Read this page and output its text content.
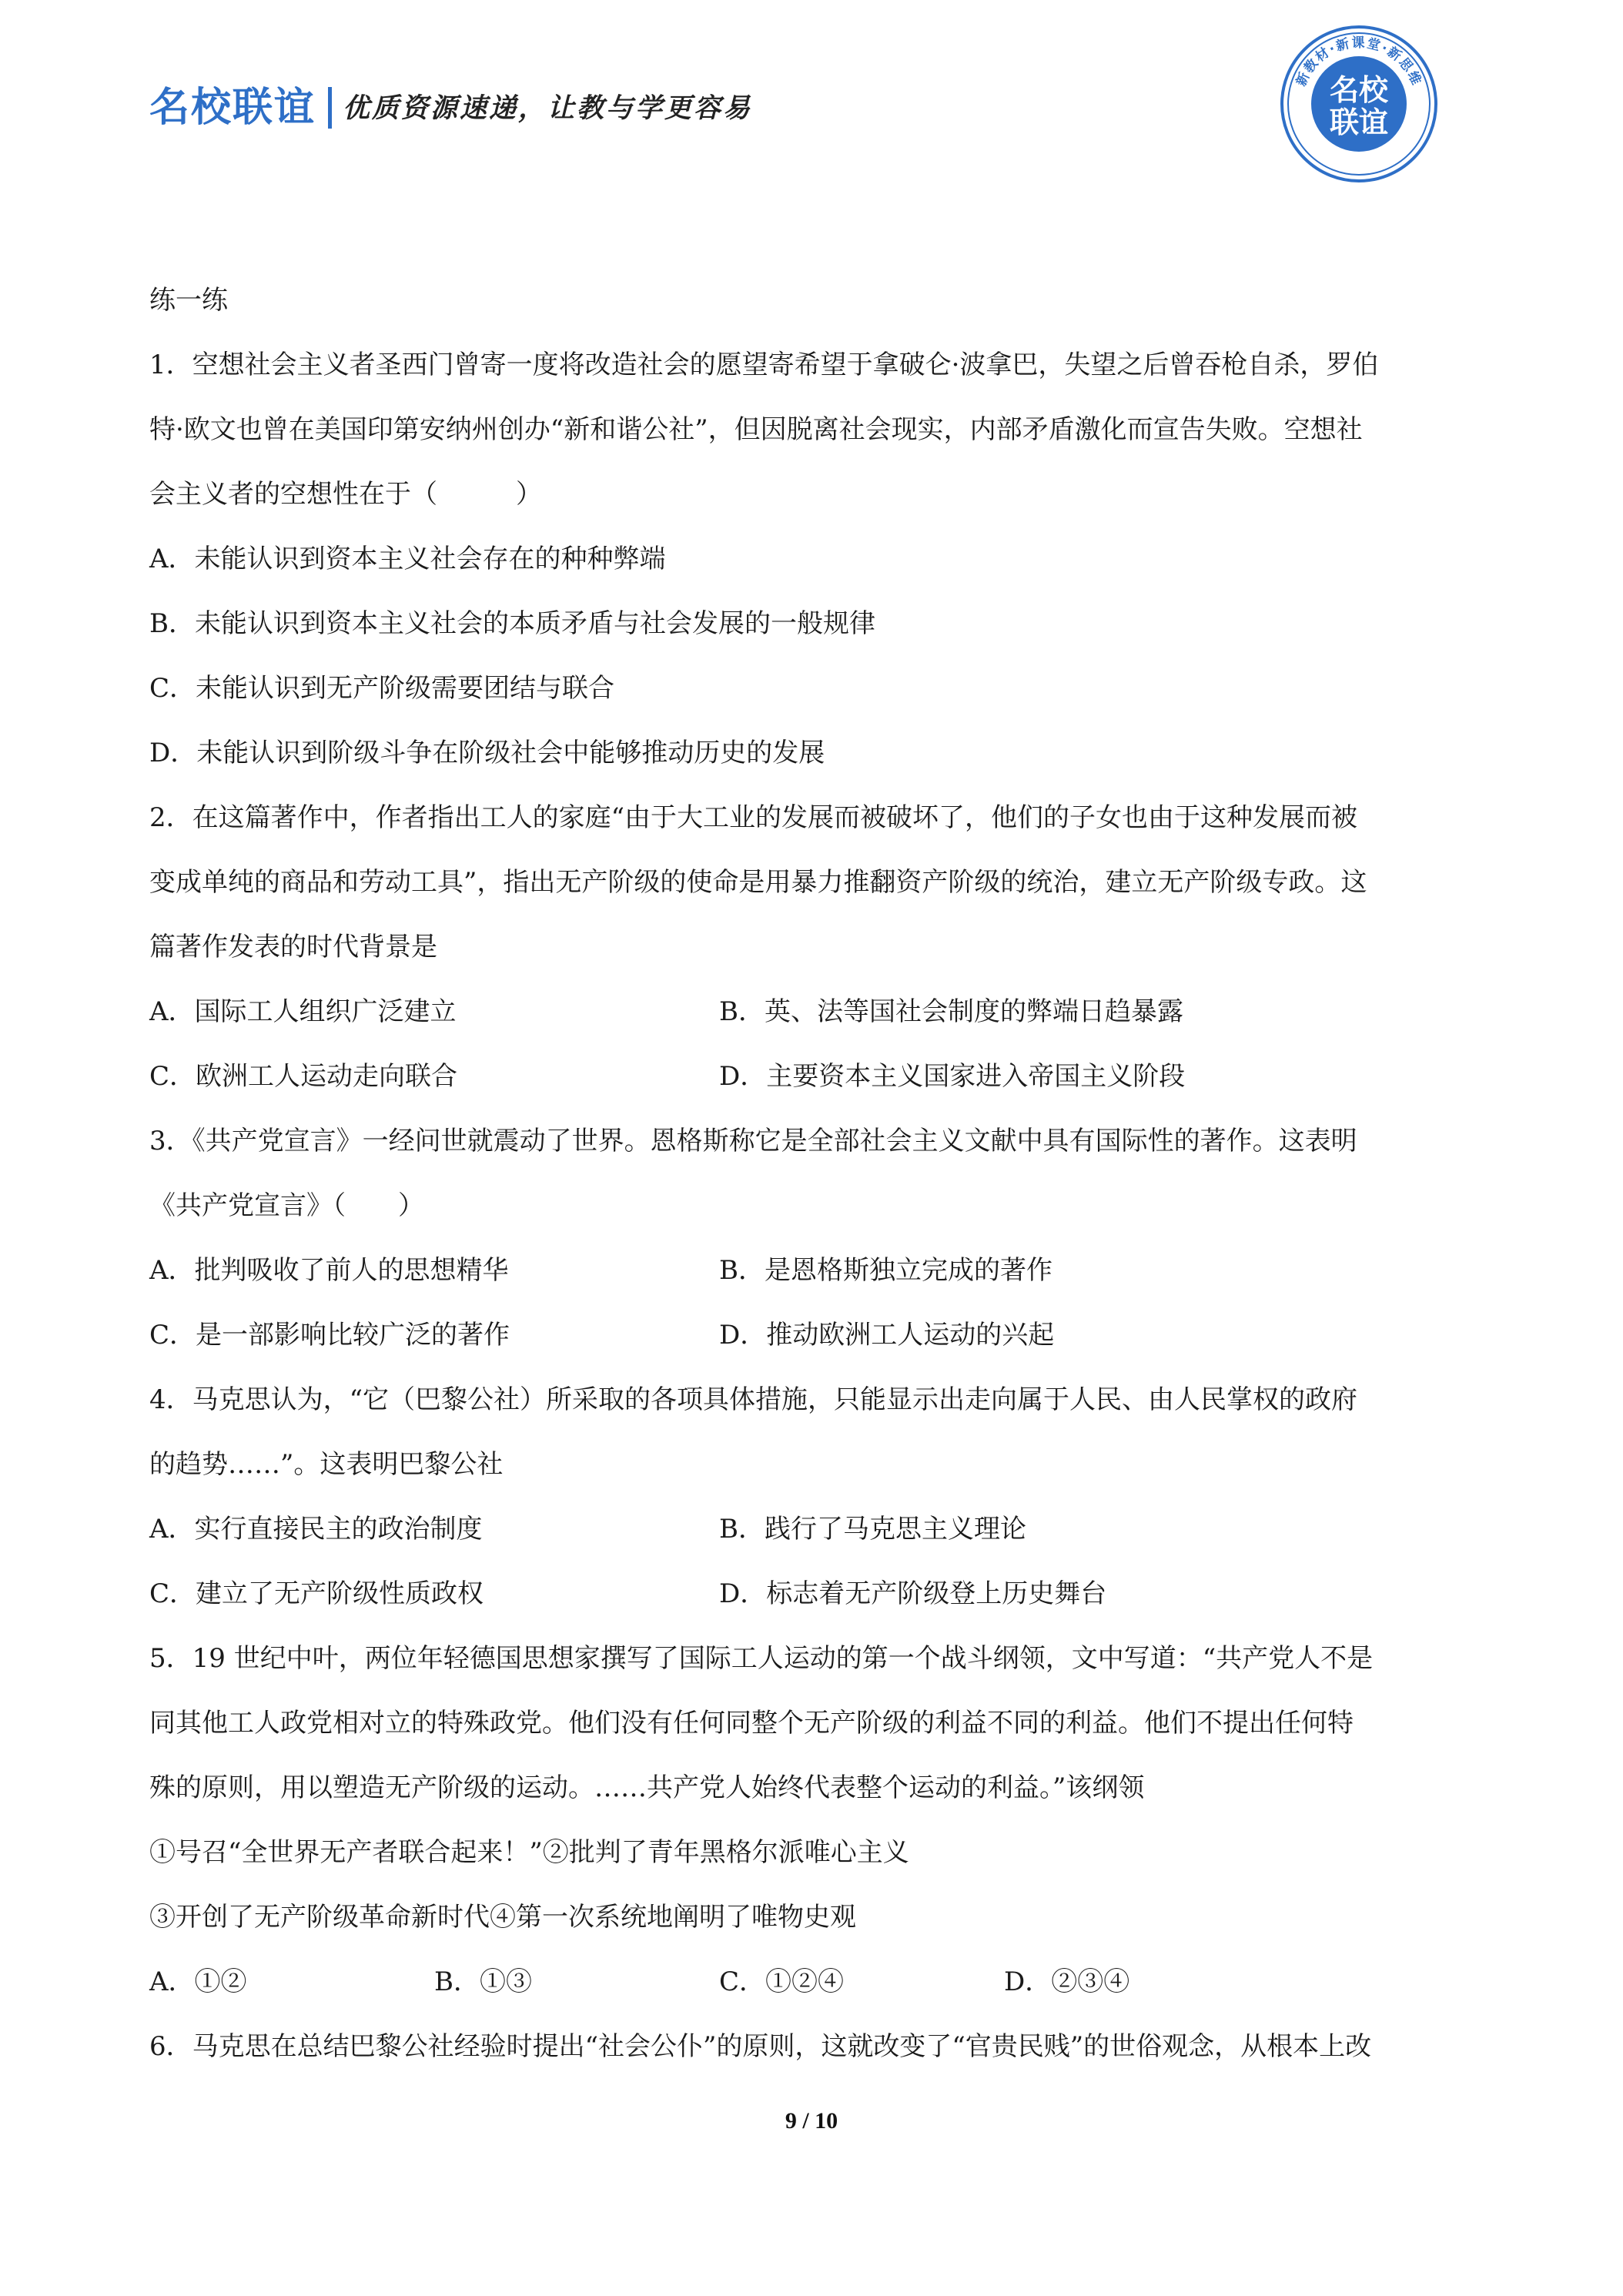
名校联谊 优质资源速递，让教与学更容易
新教材·新课堂·新思维
名校
联谊
练一练
1．空想社会主义者圣西门曾寄一度将改造社会的愿望寄希望于拿破仑·波拿巴，失望之后曾吞枪自杀，罗伯
特·欧文也曾在美国印第安纳州创办“新和谐公社”，但因脱离社会现实，内部矛盾激化而宣告失败。空想社
会主义者的空想性在于（　　　）
A．未能认识到资本主义社会存在的种种弊端
B．未能认识到资本主义社会的本质矛盾与社会发展的一般规律
C．未能认识到无产阶级需要团结与联合
D．未能认识到阶级斗争在阶级社会中能够推动历史的发展
2．在这篇著作中，作者指出工人的家庭“由于大工业的发展而被破坏了，他们的子女也由于这种发展而被
变成单纯的商品和劳动工具”，指出无产阶级的使命是用暴力推翻资产阶级的统治，建立无产阶级专政。这
篇著作发表的时代背景是
A．国际工人组织广泛建立	B．英、法等国社会制度的弊端日趋暴露
C．欧洲工人运动走向联合	D．主要资本主义国家进入帝国主义阶段
3．《共产党宣言》一经问世就震动了世界。恩格斯称它是全部社会主义文献中具有国际性的著作。这表明
《共产党宣言》（　　）
A．批判吸收了前人的思想精华	B．是恩格斯独立完成的著作
C．是一部影响比较广泛的著作	D．推动欧洲工人运动的兴起
4．马克思认为，“它（巴黎公社）所采取的各项具体措施，只能显示出走向属于人民、由人民掌权的政府
的趋势……”。这表明巴黎公社
A．实行直接民主的政治制度	B．践行了马克思主义理论
C．建立了无产阶级性质政权	D．标志着无产阶级登上历史舞台
5．19 世纪中叶，两位年轻德国思想家撰写了国际工人运动的第一个战斗纲领，文中写道：“共产党人不是
同其他工人政党相对立的特殊政党。他们没有任何同整个无产阶级的利益不同的利益。他们不提出任何特
殊的原则，用以塑造无产阶级的运动。……共产党人始终代表整个运动的利益。”该纲领
①号召“全世界无产者联合起来！”②批判了青年黑格尔派唯心主义
③开创了无产阶级革命新时代④第一次系统地阐明了唯物史观
A．①②	B．①③	C．①②④	D．②③④
6．马克思在总结巴黎公社经验时提出“社会公仆”的原则，这就改变了“官贵民贱”的世俗观念，从根本上改
9 / 10
